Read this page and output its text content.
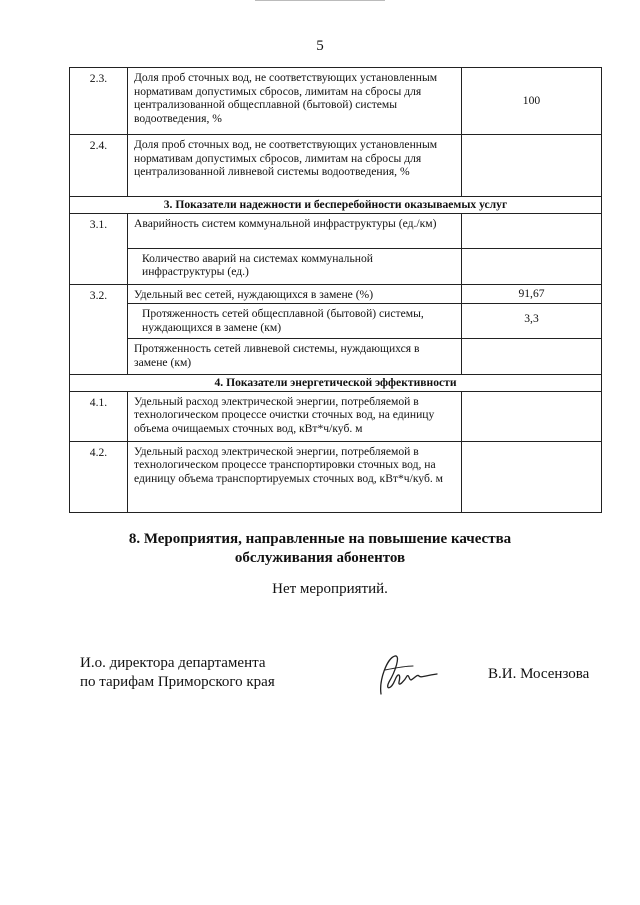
5
2.3.	Доля проб сточных вод, не соответствующих установленным нормативам допустимых сбросов, лимитам на сбросы для централизованной общесплавной (бытовой) системы водоотведения, %	100
2.4.	Доля проб сточных вод, не соответствующих установленным нормативам допустимых сбросов, лимитам на сбросы для централизованной ливневой системы водоотведения, %	
3. Показатели надежности и бесперебойности оказываемых услуг		
3.1.	Аварийность систем коммунальной инфраструктуры (ед./км)	
	Количество аварий на системах коммунальной инфраструктуры (ед.)	
3.2.	Удельный вес сетей, нуждающихся в замене (%)	91,67
	Протяженность сетей общесплавной (бытовой) системы, нуждающихся в замене (км)	3,3
	Протяженность сетей ливневой системы, нуждающихся в замене (км)	
4. Показатели энергетической эффективности		
4.1.	Удельный расход электрической энергии, потребляемой в технологическом процессе очистки сточных вод, на единицу объема очищаемых сточных вод, кВт*ч/куб. м	
4.2.	Удельный расход электрической энергии, потребляемой в технологическом процессе транспортировки сточных вод, на единицу объема транспортируемых сточных вод, кВт*ч/куб. м	
8. Мероприятия, направленные на повышение качества
обслуживания абонентов
Нет мероприятий.
И.о. директора департамента
по тарифам Приморского края	В.И. Мосензова
